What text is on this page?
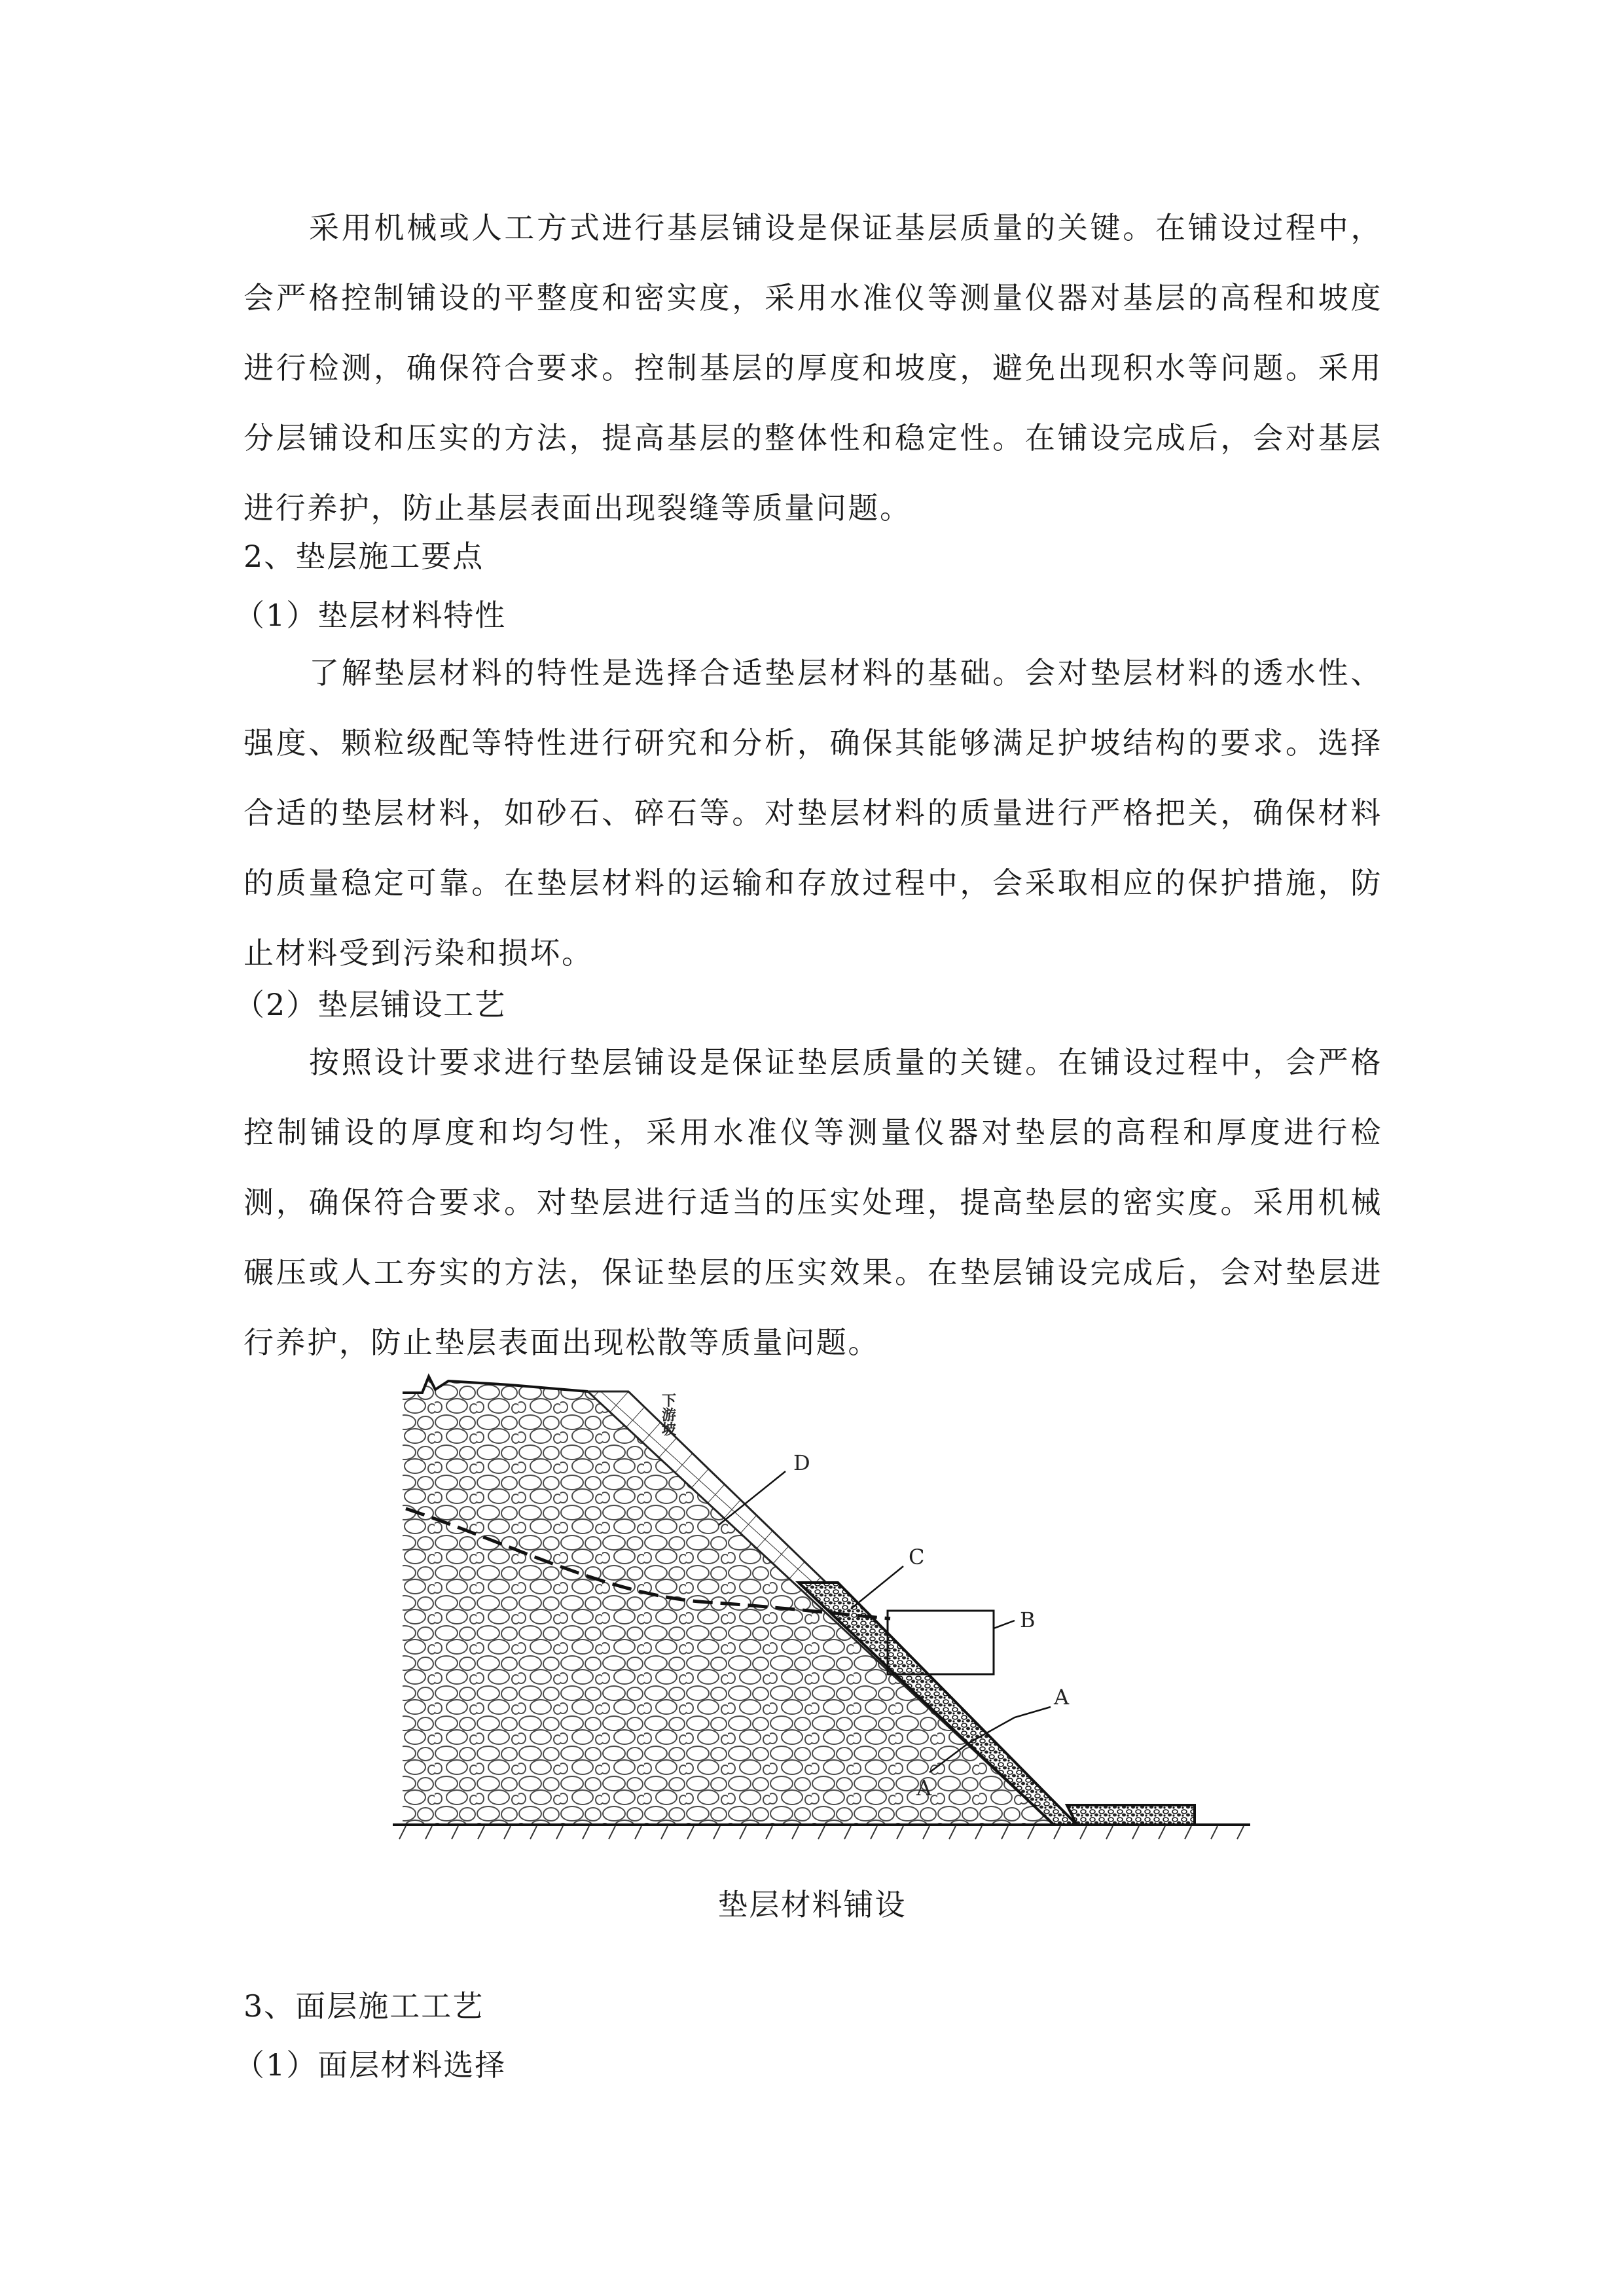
采用机械或人工方式进行基层铺设是保证基层质量的关键。在铺设过程中，会严格控制铺设的平整度和密实度，采用水准仪等测量仪器对基层的高程和坡度进行检测，确保符合要求。控制基层的厚度和坡度，避免出现积水等问题。采用分层铺设和压实的方法，提高基层的整体性和稳定性。在铺设完成后，会对基层进行养护，防止基层表面出现裂缝等质量问题。

2、垫层施工要点

（1）垫层材料特性

了解垫层材料的特性是选择合适垫层材料的基础。会对垫层材料的透水性、强度、颗粒级配等特性进行研究和分析，确保其能够满足护坡结构的要求。选择合适的垫层材料，如砂石、碎石等。对垫层材料的质量进行严格把关，确保材料的质量稳定可靠。在垫层材料的运输和存放过程中，会采取相应的保护措施，防止材料受到污染和损坏。

（2）垫层铺设工艺

按照设计要求进行垫层铺设是保证垫层质量的关键。在铺设过程中，会严格控制铺设的厚度和均匀性，采用水准仪等测量仪器对垫层的高程和厚度进行检测，确保符合要求。对垫层进行适当的压实处理，提高垫层的密实度。采用机械碾压或人工夯实的方法，保证垫层的压实效果。在垫层铺设完成后，会对垫层进行养护，防止垫层表面出现松散等质量问题。

D
C
B
A
A
下游坡
垫层材料铺设

3、面层施工工艺

（1）面层材料选择
